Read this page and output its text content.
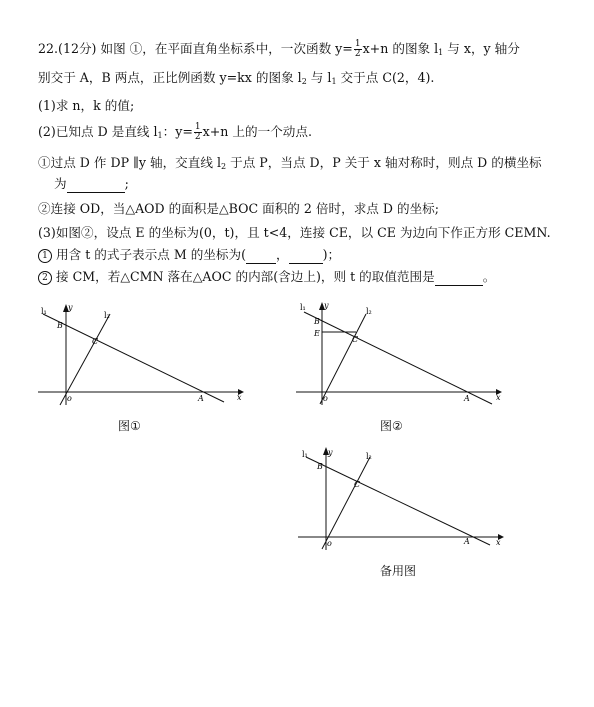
22.(12分) 如图 ①，在平面直角坐标系中，一次函数 $y= \frac{1}{2} x+n$ 的图象 $l_1$ 与 x，y 轴分
别交于 A，B 两点，正比例函数 y=kx 的图象 $l_2$ 与 $l_1$ 交于点 C(2，4).
(1)求 n，k 的值;
(2)已知点 D 是直线 $l_1$：$y= \frac{1}{2} x+n$ 上的一个动点.
①过点 D 作 DP ∥y 轴，交直线 $l_2$ 于点 P，当点 D，P 关于 x 轴对称时，则点 D 的横坐标
为	;
②连接 OD，当△AOD 的面积是△BOC 面积的 2 倍时，求点 D 的坐标;
(3)如图②，设点 E 的坐标为(0，t)，且 t<4，连接 CE，以 CE 为边向下作正方形 CEMN.
1 用含 t 的式子表示点 M 的坐标为( ，	)；
2 接 CM，若△CMN 落在△AOC 的内部(含边上)，则 t 的取值范围是	。
l₁	l₂
y
x
o	A
B
C
图①
l₁	l₂
y
x
o	A
B
E
C
图②
l₁	l₂
y
x
o	A
B
C
备用图
